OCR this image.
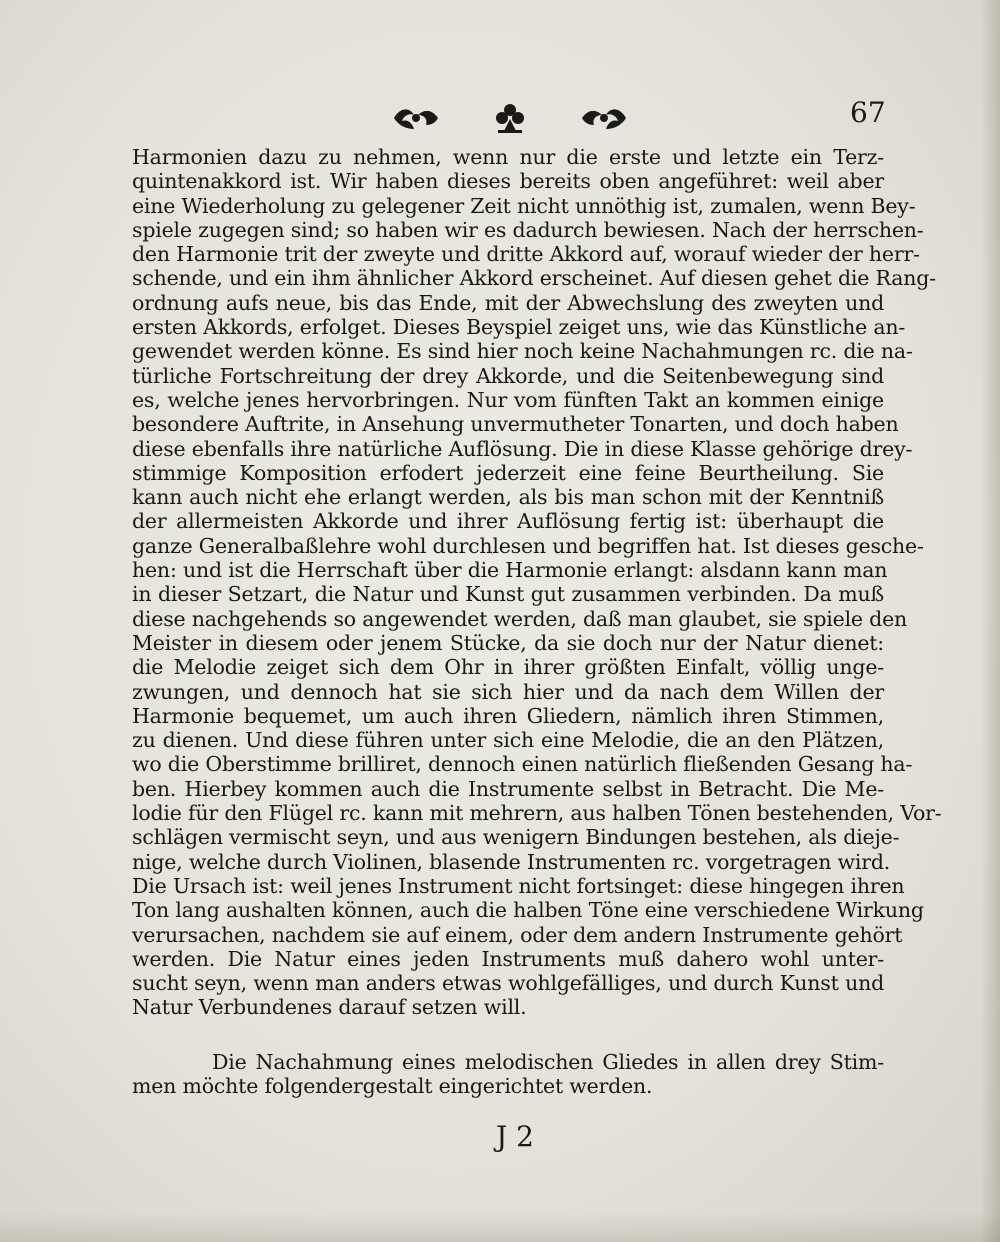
67
Harmonien dazu zu nehmen, wenn nur die erste und letzte ein Terz-
quintenakkord ist. Wir haben dieses bereits oben angeführet: weil aber
eine Wiederholung zu gelegener Zeit nicht unnöthig ist, zumalen, wenn Bey-
spiele zugegen sind; so haben wir es dadurch bewiesen. Nach der herrschen-
den Harmonie trit der zweyte und dritte Akkord auf, worauf wieder der herr-
schende, und ein ihm ähnlicher Akkord erscheinet. Auf diesen gehet die Rang-
ordnung aufs neue, bis das Ende, mit der Abwechslung des zweyten und
ersten Akkords, erfolget. Dieses Beyspiel zeiget uns, wie das Künstliche an-
gewendet werden könne. Es sind hier noch keine Nachahmungen rc. die na-
türliche Fortschreitung der drey Akkorde, und die Seitenbewegung sind
es, welche jenes hervorbringen. Nur vom fünften Takt an kommen einige
besondere Auftrite, in Ansehung unvermutheter Tonarten, und doch haben
diese ebenfalls ihre natürliche Auflösung. Die in diese Klasse gehörige drey-
stimmige Komposition erfodert jederzeit eine feine Beurtheilung. Sie
kann auch nicht ehe erlangt werden, als bis man schon mit der Kenntniß
der allermeisten Akkorde und ihrer Auflösung fertig ist: überhaupt die
ganze Generalbaßlehre wohl durchlesen und begriffen hat. Ist dieses gesche-
hen: und ist die Herrschaft über die Harmonie erlangt: alsdann kann man
in dieser Setzart, die Natur und Kunst gut zusammen verbinden. Da muß
diese nachgehends so angewendet werden, daß man glaubet, sie spiele den
Meister in diesem oder jenem Stücke, da sie doch nur der Natur dienet:
die Melodie zeiget sich dem Ohr in ihrer größten Einfalt, völlig unge-
zwungen, und dennoch hat sie sich hier und da nach dem Willen der
Harmonie bequemet, um auch ihren Gliedern, nämlich ihren Stimmen,
zu dienen. Und diese führen unter sich eine Melodie, die an den Plätzen,
wo die Oberstimme brilliret, dennoch einen natürlich fließenden Gesang ha-
ben. Hierbey kommen auch die Instrumente selbst in Betracht. Die Me-
lodie für den Flügel rc. kann mit mehrern, aus halben Tönen bestehenden, Vor-
schlägen vermischt seyn, und aus wenigern Bindungen bestehen, als dieje-
nige, welche durch Violinen, blasende Instrumenten rc. vorgetragen wird.
Die Ursach ist: weil jenes Instrument nicht fortsinget: diese hingegen ihren
Ton lang aushalten können, auch die halben Töne eine verschiedene Wirkung
verursachen, nachdem sie auf einem, oder dem andern Instrumente gehört
werden. Die Natur eines jeden Instruments muß dahero wohl unter-
sucht seyn, wenn man anders etwas wohlgefälliges, und durch Kunst und
Natur Verbundenes darauf setzen will.
Die Nachahmung eines melodischen Gliedes in allen drey Stim-
men möchte folgendergestalt eingerichtet werden.
J 2
